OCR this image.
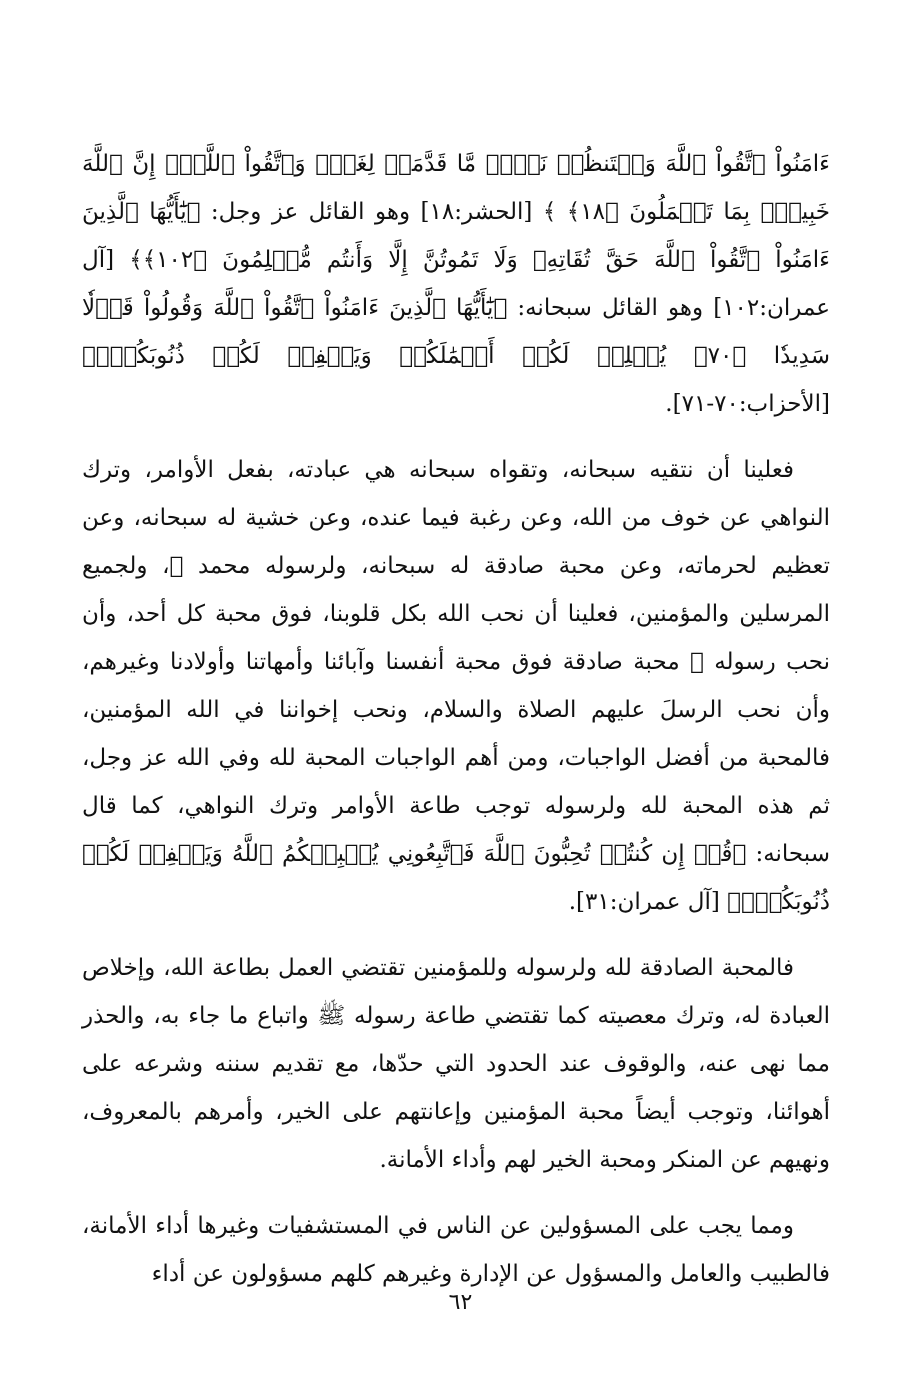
ءَامَنُواْ ٱتَّقُواْ ٱللَّهَ وَلۡتَنظُرۡ نَفۡسٞ مَّا قَدَّمَتۡ لِغَدٖۖ وَٱتَّقُواْ ٱللَّهَۚ إِنَّ ٱللَّهَ خَبِيرُۢ بِمَا تَعۡمَلُونَ ﴿١٨﴾ ﴾ [الحشر:١٨] وهو القائل عز وجل: ﴿يَٰٓأَيُّهَا ٱلَّذِينَ ءَامَنُواْ ٱتَّقُواْ ٱللَّهَ حَقَّ تُقَاتِهِۦ وَلَا تَمُوتُنَّ إِلَّا وَأَنتُم مُّسۡلِمُونَ ﴿١٠٢﴾﴾ [آل عمران:١٠٢] وهو القائل سبحانه: ﴿يَٰٓأَيُّهَا ٱلَّذِينَ ءَامَنُواْ ٱتَّقُواْ ٱللَّهَ وَقُولُواْ قَوۡلٗا سَدِيدٗا ﴿٧٠﴾ يُصۡلِحۡ لَكُمۡ أَعۡمَٰلَكُمۡ وَيَغۡفِرۡ لَكُمۡ ذُنُوبَكُمۡۗ﴾ [الأحزاب:٧٠-٧١].

فعلينا أن نتقيه سبحانه، وتقواه سبحانه هي عبادته، بفعل الأوامر، وترك النواهي عن خوف من الله، وعن رغبة فيما عنده، وعن خشية له سبحانه، وعن تعظيم لحرماته، وعن محبة صادقة له سبحانه، ولرسوله محمد ﷺ، ولجميع المرسلين والمؤمنين، فعلينا أن نحب الله بكل قلوبنا، فوق محبة كل أحد، وأن نحب رسوله ﷺ محبة صادقة فوق محبة أنفسنا وآبائنا وأمهاتنا وأولادنا وغيرهم، وأن نحب الرسلَ عليهم الصلاة والسلام، ونحب إخواننا في الله المؤمنين، فالمحبة من أفضل الواجبات، ومن أهم الواجبات المحبة لله وفي الله عز وجل، ثم هذه المحبة لله ولرسوله توجب طاعة الأوامر وترك النواهي، كما قال سبحانه: ﴿قُلۡ إِن كُنتُمۡ تُحِبُّونَ ٱللَّهَ فَٱتَّبِعُونِي يُحۡبِبۡكُمُ ٱللَّهُ وَيَغۡفِرۡ لَكُمۡ ذُنُوبَكُمۡۚ﴾ [آل عمران:٣١].

فالمحبة الصادقة لله ولرسوله وللمؤمنين تقتضي العمل بطاعة الله، وإخلاص العبادة له، وترك معصيته كما تقتضي طاعة رسوله ﷺ واتباع ما جاء به، والحذر مما نهى عنه، والوقوف عند الحدود التي حدّها، مع تقديم سننه وشرعه على أهوائنا، وتوجب أيضاً محبة المؤمنين وإعانتهم على الخير، وأمرهم بالمعروف، ونهيهم عن المنكر ومحبة الخير لهم وأداء الأمانة.

ومما يجب على المسؤولين عن الناس في المستشفيات وغيرها أداء الأمانة، فالطبيب والعامل والمسؤول عن الإدارة وغيرهم كلهم مسؤولون عن أداء

٦٢
